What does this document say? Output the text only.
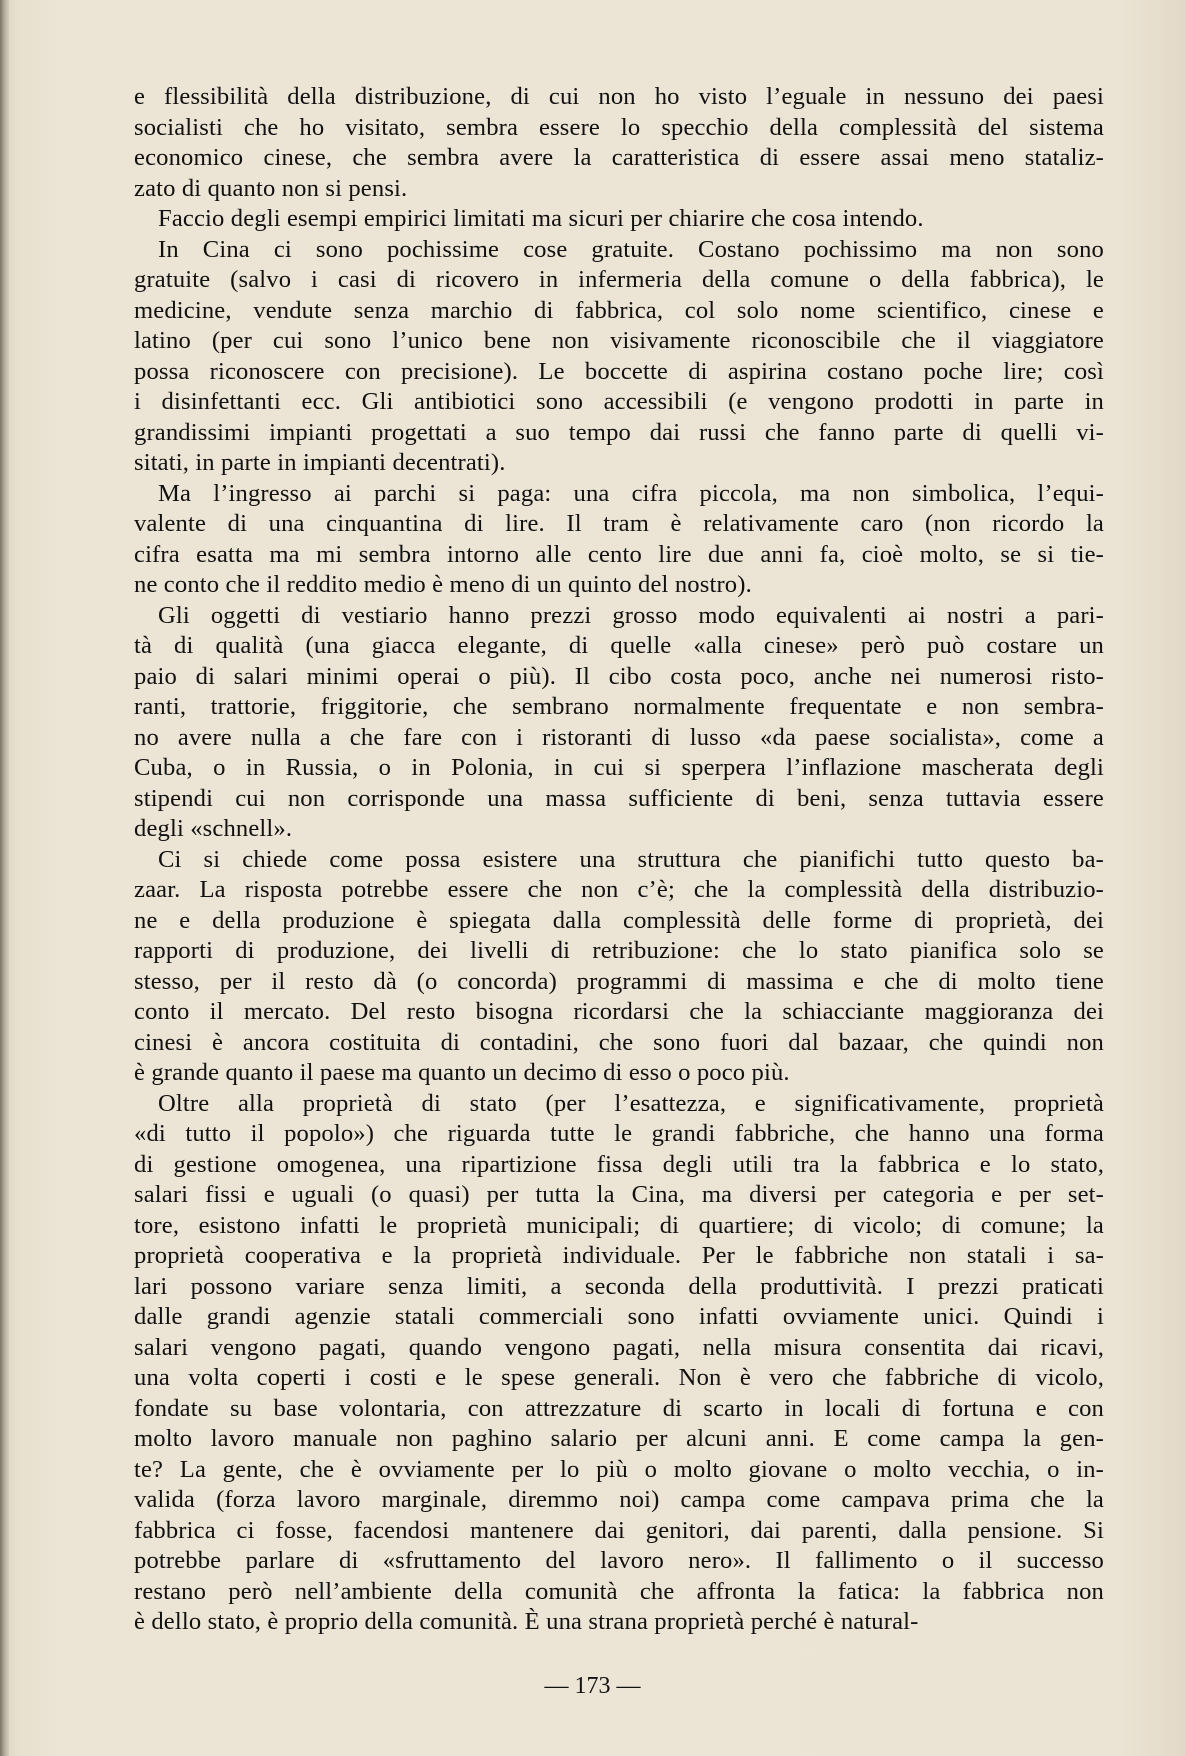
e flessibilità della distribuzione, di cui non ho visto l’eguale in nessuno dei paesi
socialisti che ho visitato, sembra essere lo specchio della complessità del sistema
economico cinese, che sembra avere la caratteristica di essere assai meno stataliz-
zato di quanto non si pensi.
Faccio degli esempi empirici limitati ma sicuri per chiarire che cosa intendo.
In Cina ci sono pochissime cose gratuite. Costano pochissimo ma non sono
gratuite (salvo i casi di ricovero in infermeria della comune o della fabbrica), le
medicine, vendute senza marchio di fabbrica, col solo nome scientifico, cinese e
latino (per cui sono l’unico bene non visivamente riconoscibile che il viaggiatore
possa riconoscere con precisione). Le boccette di aspirina costano poche lire; così
i disinfettanti ecc. Gli antibiotici sono accessibili (e vengono prodotti in parte in
grandissimi impianti progettati a suo tempo dai russi che fanno parte di quelli vi-
sitati, in parte in impianti decentrati).
Ma l’ingresso ai parchi si paga: una cifra piccola, ma non simbolica, l’equi-
valente di una cinquantina di lire. Il tram è relativamente caro (non ricordo la
cifra esatta ma mi sembra intorno alle cento lire due anni fa, cioè molto, se si tie-
ne conto che il reddito medio è meno di un quinto del nostro).
Gli oggetti di vestiario hanno prezzi grosso modo equivalenti ai nostri a pari-
tà di qualità (una giacca elegante, di quelle «alla cinese» però può costare un
paio di salari minimi operai o più). Il cibo costa poco, anche nei numerosi risto-
ranti, trattorie, friggitorie, che sembrano normalmente frequentate e non sembra-
no avere nulla a che fare con i ristoranti di lusso «da paese socialista», come a
Cuba, o in Russia, o in Polonia, in cui si sperpera l’inflazione mascherata degli
stipendi cui non corrisponde una massa sufficiente di beni, senza tuttavia essere
degli «schnell».
Ci si chiede come possa esistere una struttura che pianifichi tutto questo ba-
zaar. La risposta potrebbe essere che non c’è; che la complessità della distribuzio-
ne e della produzione è spiegata dalla complessità delle forme di proprietà, dei
rapporti di produzione, dei livelli di retribuzione: che lo stato pianifica solo se
stesso, per il resto dà (o concorda) programmi di massima e che di molto tiene
conto il mercato. Del resto bisogna ricordarsi che la schiacciante maggioranza dei
cinesi è ancora costituita di contadini, che sono fuori dal bazaar, che quindi non
è grande quanto il paese ma quanto un decimo di esso o poco più.
Oltre alla proprietà di stato (per l’esattezza, e significativamente, proprietà
«di tutto il popolo») che riguarda tutte le grandi fabbriche, che hanno una forma
di gestione omogenea, una ripartizione fissa degli utili tra la fabbrica e lo stato,
salari fissi e uguali (o quasi) per tutta la Cina, ma diversi per categoria e per set-
tore, esistono infatti le proprietà municipali; di quartiere; di vicolo; di comune; la
proprietà cooperativa e la proprietà individuale. Per le fabbriche non statali i sa-
lari possono variare senza limiti, a seconda della produttività. I prezzi praticati
dalle grandi agenzie statali commerciali sono infatti ovviamente unici. Quindi i
salari vengono pagati, quando vengono pagati, nella misura consentita dai ricavi,
una volta coperti i costi e le spese generali. Non è vero che fabbriche di vicolo,
fondate su base volontaria, con attrezzature di scarto in locali di fortuna e con
molto lavoro manuale non paghino salario per alcuni anni. E come campa la gen-
te? La gente, che è ovviamente per lo più o molto giovane o molto vecchia, o in-
valida (forza lavoro marginale, diremmo noi) campa come campava prima che la
fabbrica ci fosse, facendosi mantenere dai genitori, dai parenti, dalla pensione. Si
potrebbe parlare di «sfruttamento del lavoro nero». Il fallimento o il successo
restano però nell’ambiente della comunità che affronta la fatica: la fabbrica non
è dello stato, è proprio della comunità. È una strana proprietà perché è natural-
— 173 —
